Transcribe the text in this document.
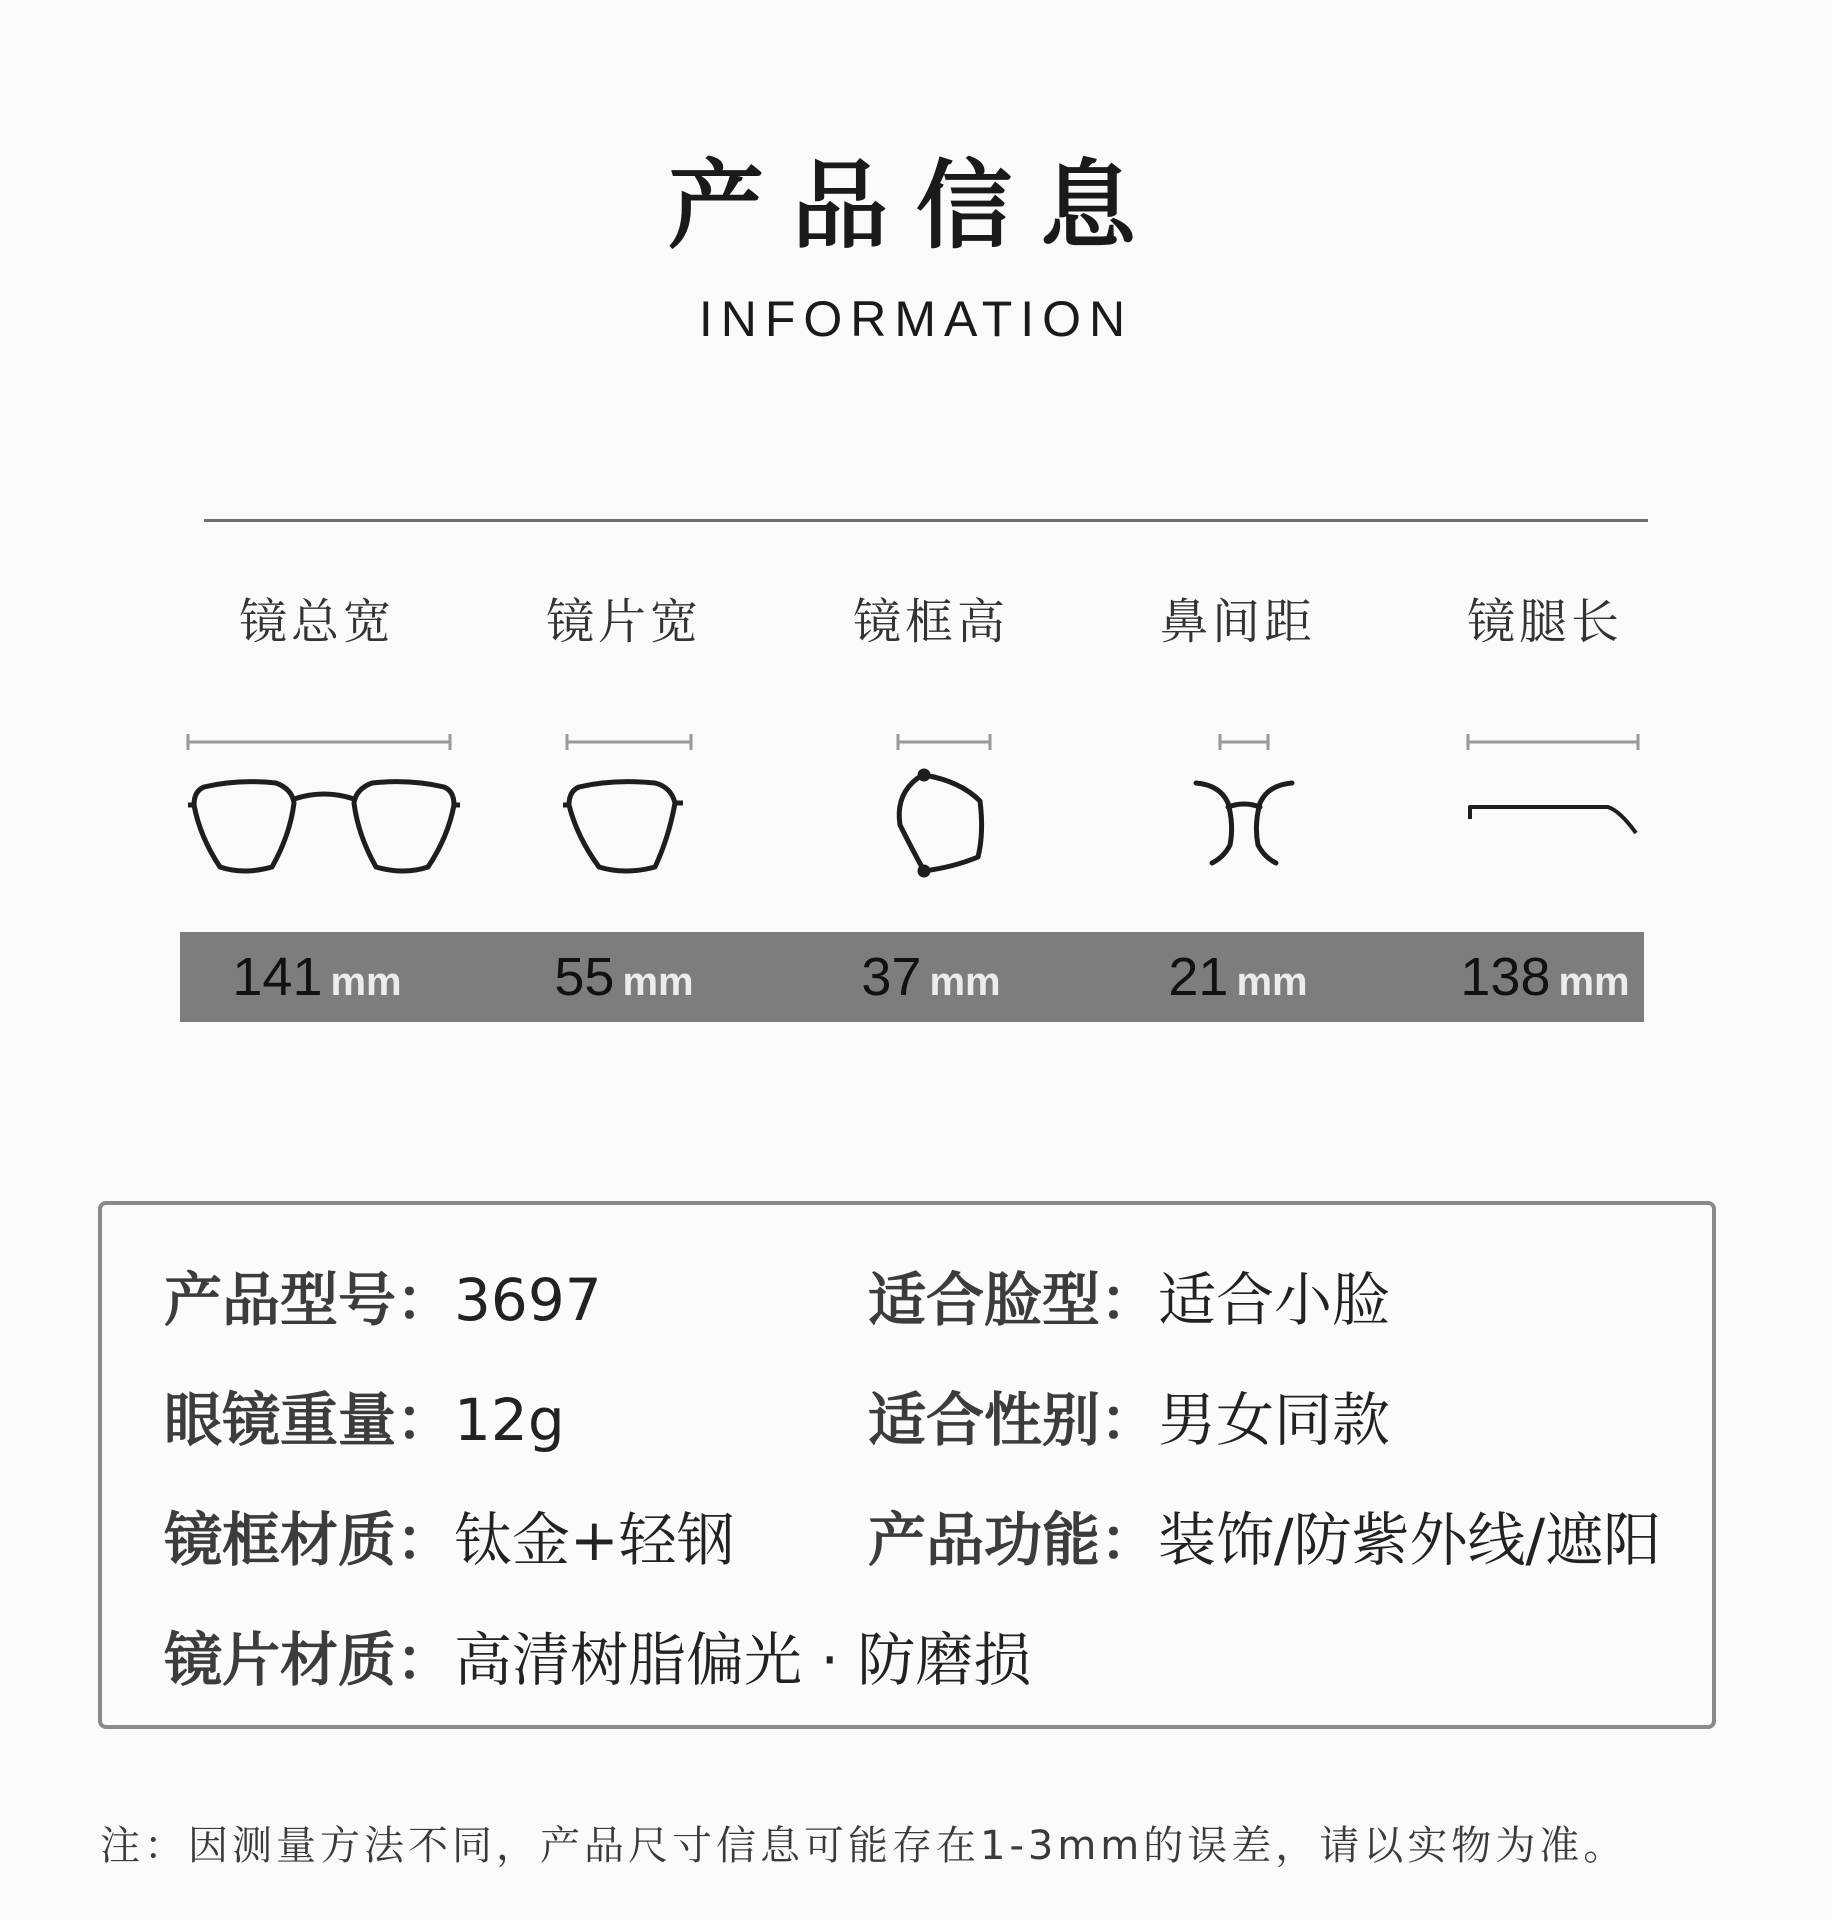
产品信息
INFORMATION
镜总宽	镜片宽	镜框高	鼻间距	镜腿长
141 mm	55 mm	37 mm	21 mm	138 mm
产品型号：3697	适合脸型：适合小脸
眼镜重量：12g	适合性别：男女同款
镜框材质：钛金+轻钢 产品功能：装饰/防紫外线/遮阳
镜片材质：高清树脂偏光 · 防磨损
注：因测量方法不同，产品尺寸信息可能存在1-3mm的误差，请以实物为准。
